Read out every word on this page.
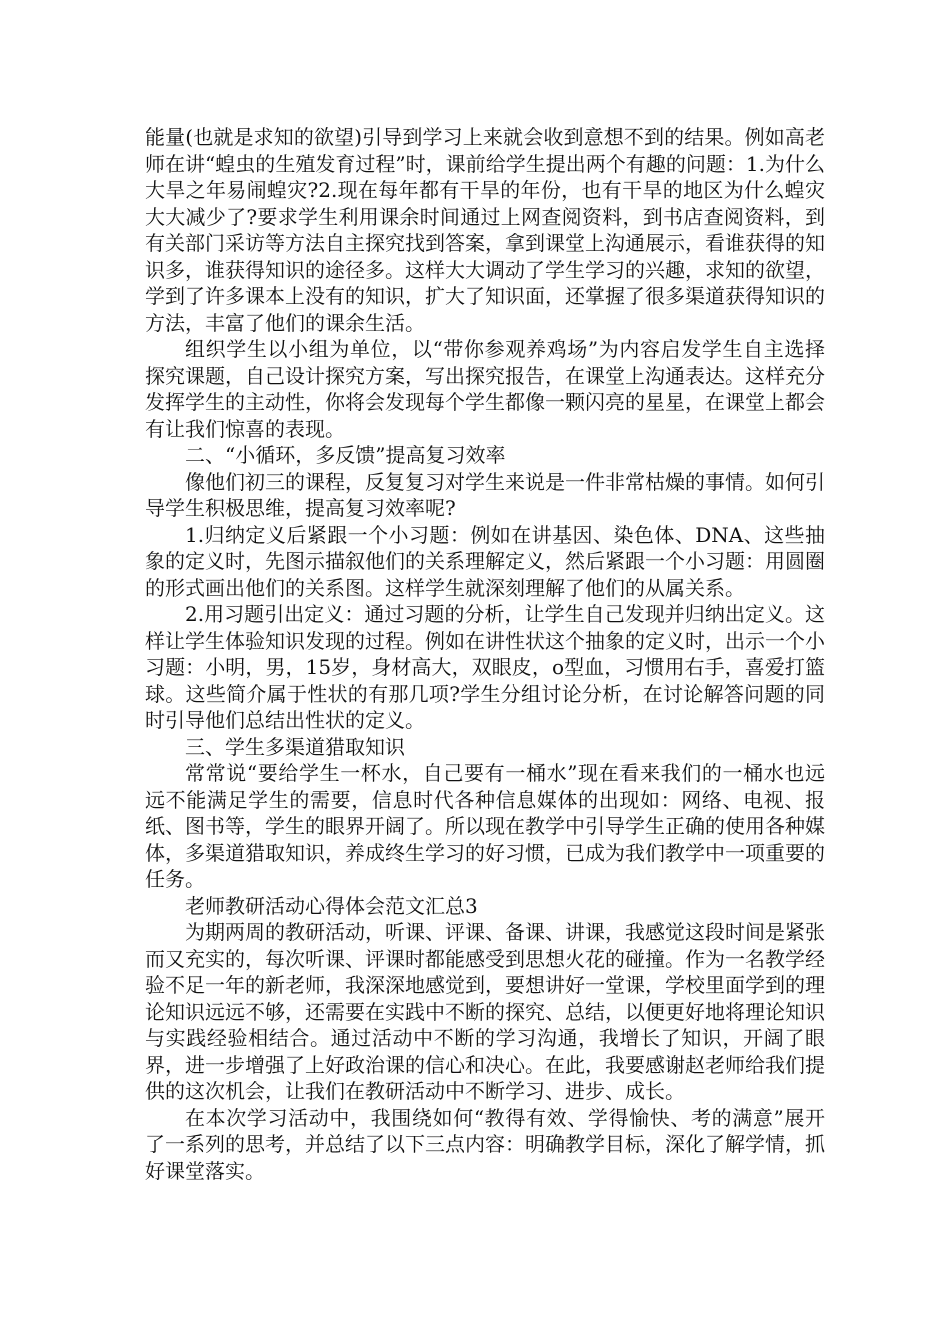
能量(也就是求知的欲望)引导到学习上来就会收到意想不到的结果。例如高老师在讲“蝗虫的生殖发育过程”时，课前给学生提出两个有趣的问题：1.为什么大旱之年易闹蝗灾?2.现在每年都有干旱的年份，也有干旱的地区为什么蝗灾大大减少了?要求学生利用课余时间通过上网查阅资料，到书店查阅资料，到有关部门采访等方法自主探究找到答案，拿到课堂上沟通展示，看谁获得的知识多，谁获得知识的途径多。这样大大调动了学生学习的兴趣，求知的欲望，学到了许多课本上没有的知识，扩大了知识面，还掌握了很多渠道获得知识的方法，丰富了他们的课余生活。

组织学生以小组为单位，以“带你参观养鸡场”为内容启发学生自主选择探究课题，自己设计探究方案，写出探究报告，在课堂上沟通表达。这样充分发挥学生的主动性，你将会发现每个学生都像一颗闪亮的星星，在课堂上都会有让我们惊喜的表现。

二、“小循环，多反馈”提高复习效率

像他们初三的课程，反复复习对学生来说是一件非常枯燥的事情。如何引导学生积极思维，提高复习效率呢?

1.归纳定义后紧跟一个小习题：例如在讲基因、染色体、DNA、这些抽象的定义时，先图示描叙他们的关系理解定义，然后紧跟一个小习题：用圆圈的形式画出他们的关系图。这样学生就深刻理解了他们的从属关系。

2.用习题引出定义：通过习题的分析，让学生自己发现并归纳出定义。这样让学生体验知识发现的过程。例如在讲性状这个抽象的定义时，出示一个小习题：小明，男，15岁，身材高大，双眼皮，o型血，习惯用右手，喜爱打篮球。这些简介属于性状的有那几项?学生分组讨论分析，在讨论解答问题的同时引导他们总结出性状的定义。

三、学生多渠道猎取知识

常常说“要给学生一杯水，自己要有一桶水”现在看来我们的一桶水也远远不能满足学生的需要，信息时代各种信息媒体的出现如：网络、电视、报纸、图书等，学生的眼界开阔了。所以现在教学中引导学生正确的使用各种媒体，多渠道猎取知识，养成终生学习的好习惯，已成为我们教学中一项重要的任务。

老师教研活动心得体会范文汇总3

为期两周的教研活动，听课、评课、备课、讲课，我感觉这段时间是紧张而又充实的，每次听课、评课时都能感受到思想火花的碰撞。作为一名教学经验不足一年的新老师，我深深地感觉到，要想讲好一堂课，学校里面学到的理论知识远远不够，还需要在实践中不断的探究、总结，以便更好地将理论知识与实践经验相结合。通过活动中不断的学习沟通，我增长了知识，开阔了眼界，进一步增强了上好政治课的信心和决心。在此，我要感谢赵老师给我们提供的这次机会，让我们在教研活动中不断学习、进步、成长。

在本次学习活动中，我围绕如何“教得有效、学得愉快、考的满意”展开了一系列的思考，并总结了以下三点内容：明确教学目标，深化了解学情，抓好课堂落实。
